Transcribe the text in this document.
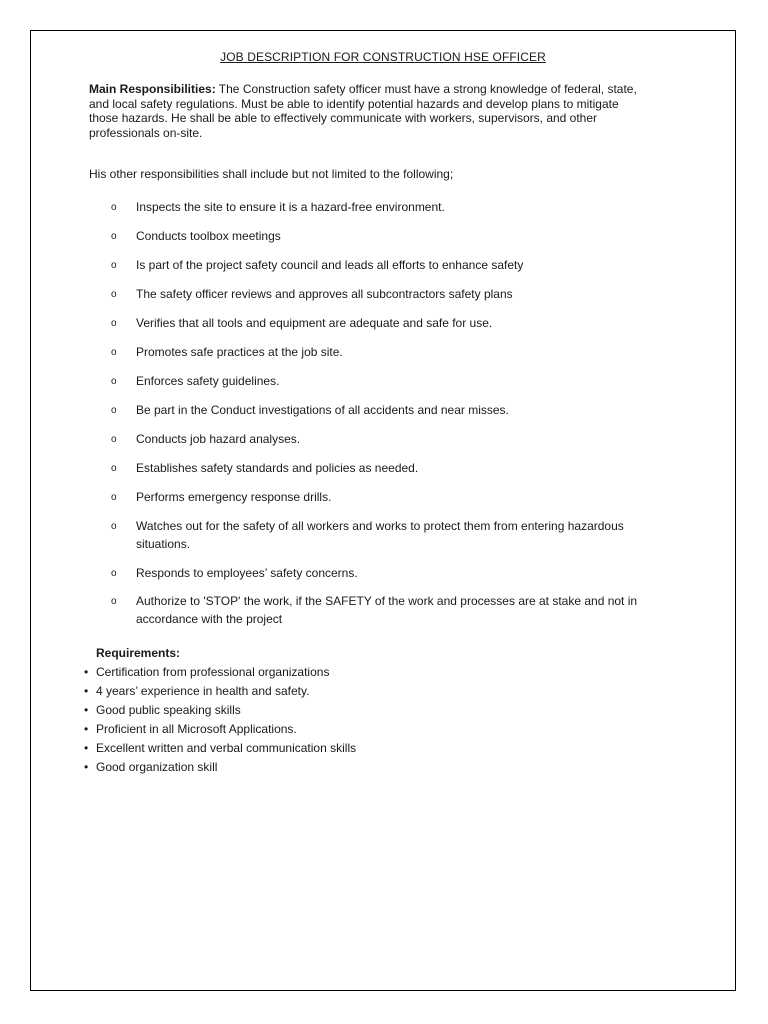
JOB DESCRIPTION FOR CONSTRUCTION HSE OFFICER

Main Responsibilities: The Construction safety officer must have a strong knowledge of federal, state, and local safety regulations. Must be able to identify potential hazards and develop plans to mitigate those hazards. He shall be able to effectively communicate with workers, supervisors, and other professionals on-site.

His other responsibilities shall include but not limited to the following;

o Inspects the site to ensure it is a hazard-free environment.
o Conducts toolbox meetings
o Is part of the project safety council and leads all efforts to enhance safety
o The safety officer reviews and approves all subcontractors safety plans
o Verifies that all tools and equipment are adequate and safe for use.
o Promotes safe practices at the job site.
o Enforces safety guidelines.
o Be part in the Conduct investigations of all accidents and near misses.
o Conducts job hazard analyses.
o Establishes safety standards and policies as needed.
o Performs emergency response drills.
o Watches out for the safety of all workers and works to protect them from entering hazardous situations.
o Responds to employees’ safety concerns.
o Authorize to 'STOP' the work, if the SAFETY of the work and processes are at stake and not in accordance with the project

Requirements:

• Certification from professional organizations
• 4 years’ experience in health and safety.
• Good public speaking skills
• Proficient in all Microsoft Applications.
• Excellent written and verbal communication skills
• Good organization skill
